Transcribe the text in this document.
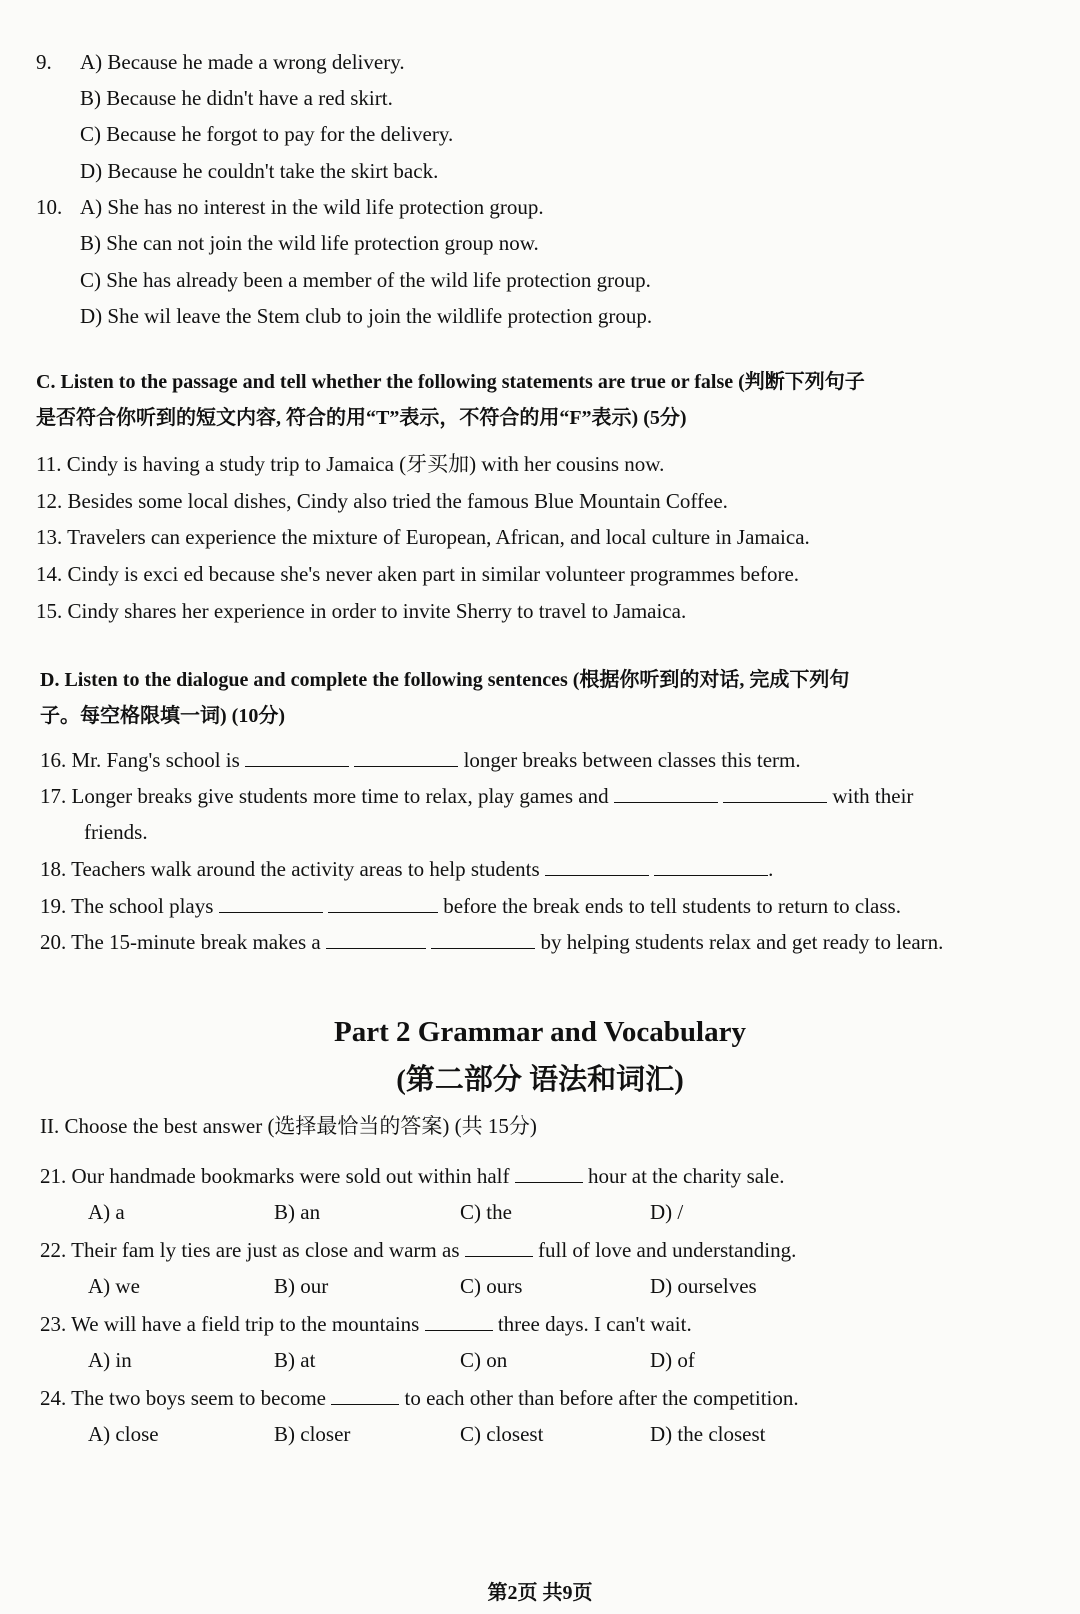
9. A) Because he made a wrong delivery.
B) Because he didn't have a red skirt.
C) Because he forgot to pay for the delivery.
D) Because he couldn't take the skirt back.
10. A) She has no interest in the wild life protection group.
B) She can not join the wild life protection group now.
C) She has already been a member of the wild life protection group.
D) She wil leave the Stem club to join the wildlife protection group.
C. Listen to the passage and tell whether the following statements are true or false (判断下列句子
是否符合你听到的短文内容, 符合的用“T”表示，不符合的用“F”表示) (5分)
11. Cindy is having a study trip to Jamaica (牙买加) with her cousins now.
12. Besides some local dishes, Cindy also tried the famous Blue Mountain Coffee.
13. Travelers can experience the mixture of European, African, and local culture in Jamaica.
14. Cindy is exci ed because she's never aken part in similar volunteer programmes before.
15. Cindy shares her experience in order to invite Sherry to travel to Jamaica.
D. Listen to the dialogue and complete the following sentences (根据你听到的对话, 完成下列句
子。每空格限填一词) (10分)
16. Mr. Fang's school is	longer breaks between classes this term.
17. Longer breaks give students more time to relax, play games and	with their
friends.
18. Teachers walk around the activity areas to help students	.
19. The school plays	before the break ends to tell students to return to class.
20. The 15-minute break makes a	by helping students relax and get ready to learn.
Part 2 Grammar and Vocabulary
(第二部分 语法和词汇)
II. Choose the best answer (选择最恰当的答案) (共 15分)
21. Our handmade bookmarks were sold out within half	hour at the charity sale.
A) a	B) an	C) the	D) /
22. Their fam ly ties are just as close and warm as	full of love and understanding.
A) we	B) our	C) ours	D) ourselves
23. We will have a field trip to the mountains	three days. I can't wait.
A) in	B) at	C) on	D) of
24. The two boys seem to become	to each other than before after the competition.
A) close	B) closer	C) closest	D) the closest
第2页 共9页
